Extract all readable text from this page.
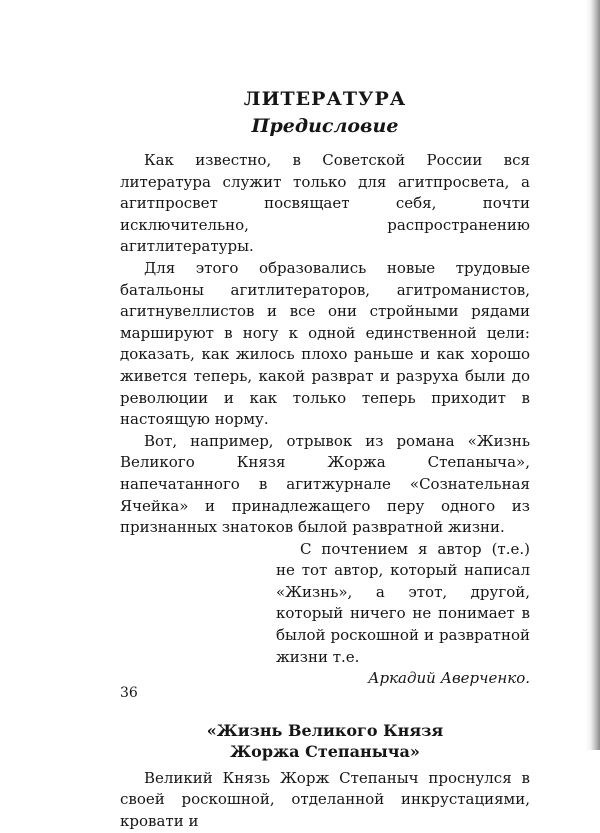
ЛИТЕРАТУРА
Предисловие

Как известно, в Советской России вся литература служит только для агитпросвета, а агитпросвет посвящает себя, почти исключительно, распространению агитлитературы.

Для этого образовались новые трудовые батальоны агитлитераторов, агитроманистов, агитнувеллистов и все они стройными рядами маршируют в ногу к одной единственной цели: доказать, как жилось плохо раньше и как хорошо живется теперь, какой разврат и разруха были до революции и как только теперь приходит в настоящую норму.

Вот, например, отрывок из романа «Жизнь Великого Князя Жоржа Степаныча», напечатанного в агитжурнале «Сознательная Ячейка» и принадлежащего перу одного из признанных знатоков былой развратной жизни.

С почтением я автор (т.е.) не тот автор, который написал «Жизнь», а этот, другой, который ничего не понимает в былой роскошной и развратной жизни т.е.

Аркадий Аверченко.

«Жизнь Великого Князя
Жоржа Степаныча»

Великий Князь Жорж Степаныч проснулся в своей роскошной, отделанной инкрустациями, кровати и

36
